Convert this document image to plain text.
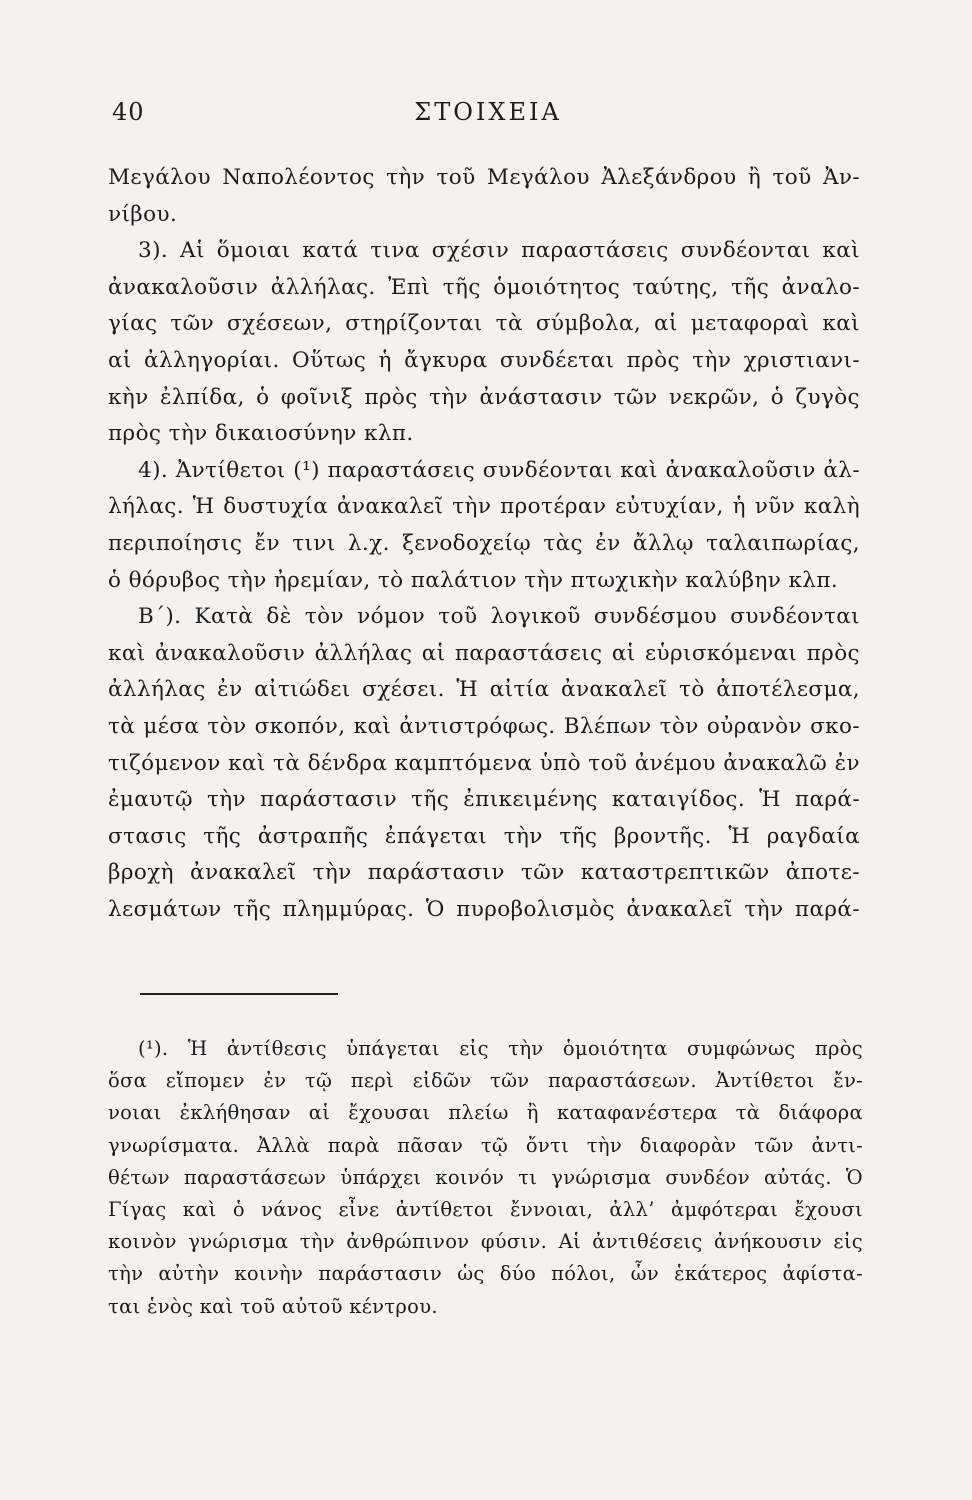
40	ΣΤΟΙΧΕΙΑ
Μεγάλου Ναπολέοντος τὴν τοῦ Μεγάλου Ἀλεξάνδρου ἢ τοῦ Ἀν-
νίβου.
3). Αἱ ὅμοιαι κατά τινα σχέσιν παραστάσεις συνδέονται καὶ
ἀνακαλοῦσιν ἀλλήλας. Ἐπὶ τῆς ὁμοιότητος ταύτης, τῆς ἀναλο-
γίας τῶν σχέσεων, στηρίζονται τὰ σύμβολα, αἱ μεταφοραὶ καὶ
αἱ ἀλληγορίαι. Οὕτως ἡ ἄγκυρα συνδέεται πρὸς τὴν χριστιανι-
κὴν ἐλπίδα, ὁ φοῖνιξ πρὸς τὴν ἀνάστασιν τῶν νεκρῶν, ὁ ζυγὸς
πρὸς τὴν δικαιοσύνην κλπ.
4). Ἀντίθετοι (¹) παραστάσεις συνδέονται καὶ ἀνακαλοῦσιν ἀλ-
λήλας. Ἡ δυστυχία ἀνακαλεῖ τὴν προτέραν εὐτυχίαν, ἡ νῦν καλὴ
περιποίησις ἔν τινι λ.χ. ξενοδοχείῳ τὰς ἐν ἄλλῳ ταλαιπωρίας,
ὁ θόρυβος τὴν ἠρεμίαν, τὸ παλάτιον τὴν πτωχικὴν καλύβην κλπ.
Β΄). Κατὰ δὲ τὸν νόμον τοῦ λογικοῦ συνδέσμου συνδέονται
καὶ ἀνακαλοῦσιν ἀλλήλας αἱ παραστάσεις αἱ εὑρισκόμεναι πρὸς
ἀλλήλας ἐν αἰτιώδει σχέσει. Ἡ αἰτία ἀνακαλεῖ τὸ ἀποτέλεσμα,
τὰ μέσα τὸν σκοπόν, καὶ ἀντιστρόφως. Βλέπων τὸν οὐρανὸν σκο-
τιζόμενον καὶ τὰ δένδρα καμπτόμενα ὑπὸ τοῦ ἀνέμου ἀνακαλῶ ἐν
ἐμαυτῷ τὴν παράστασιν τῆς ἐπικειμένης καταιγίδος. Ἡ παρά-
στασις τῆς ἀστραπῆς ἐπάγεται τὴν τῆς βροντῆς. Ἡ ραγδαία
βροχὴ ἀνακαλεῖ τὴν παράστασιν τῶν καταστρεπτικῶν ἀποτε-
λεσμάτων τῆς πλημμύρας. Ὁ πυροβολισμὸς ἀνακαλεῖ τὴν παρά-
(¹). Ἡ ἀντίθεσις ὑπάγεται εἰς τὴν ὁμοιότητα συμφώνως πρὸς
ὅσα εἴπομεν ἐν τῷ περὶ εἰδῶν τῶν παραστάσεων. Ἀντίθετοι ἔν-
νοιαι ἐκλήθησαν αἱ ἔχουσαι πλείω ἢ καταφανέστερα τὰ διάφορα
γνωρίσματα. Ἀλλὰ παρὰ πᾶσαν τῷ ὄντι τὴν διαφορὰν τῶν ἀντι-
θέτων παραστάσεων ὑπάρχει κοινόν τι γνώρισμα συνδέον αὐτάς. Ὁ
Γίγας καὶ ὁ νάνος εἶνε ἀντίθετοι ἔννοιαι, ἀλλ’ ἀμφότεραι ἔχουσι
κοινὸν γνώρισμα τὴν ἀνθρώπινον φύσιν. Αἱ ἀντιθέσεις ἀνήκουσιν εἰς
τὴν αὐτὴν κοινὴν παράστασιν ὡς δύο πόλοι, ὧν ἑκάτερος ἀφίστα-
ται ἑνὸς καὶ τοῦ αὐτοῦ κέντρου.
